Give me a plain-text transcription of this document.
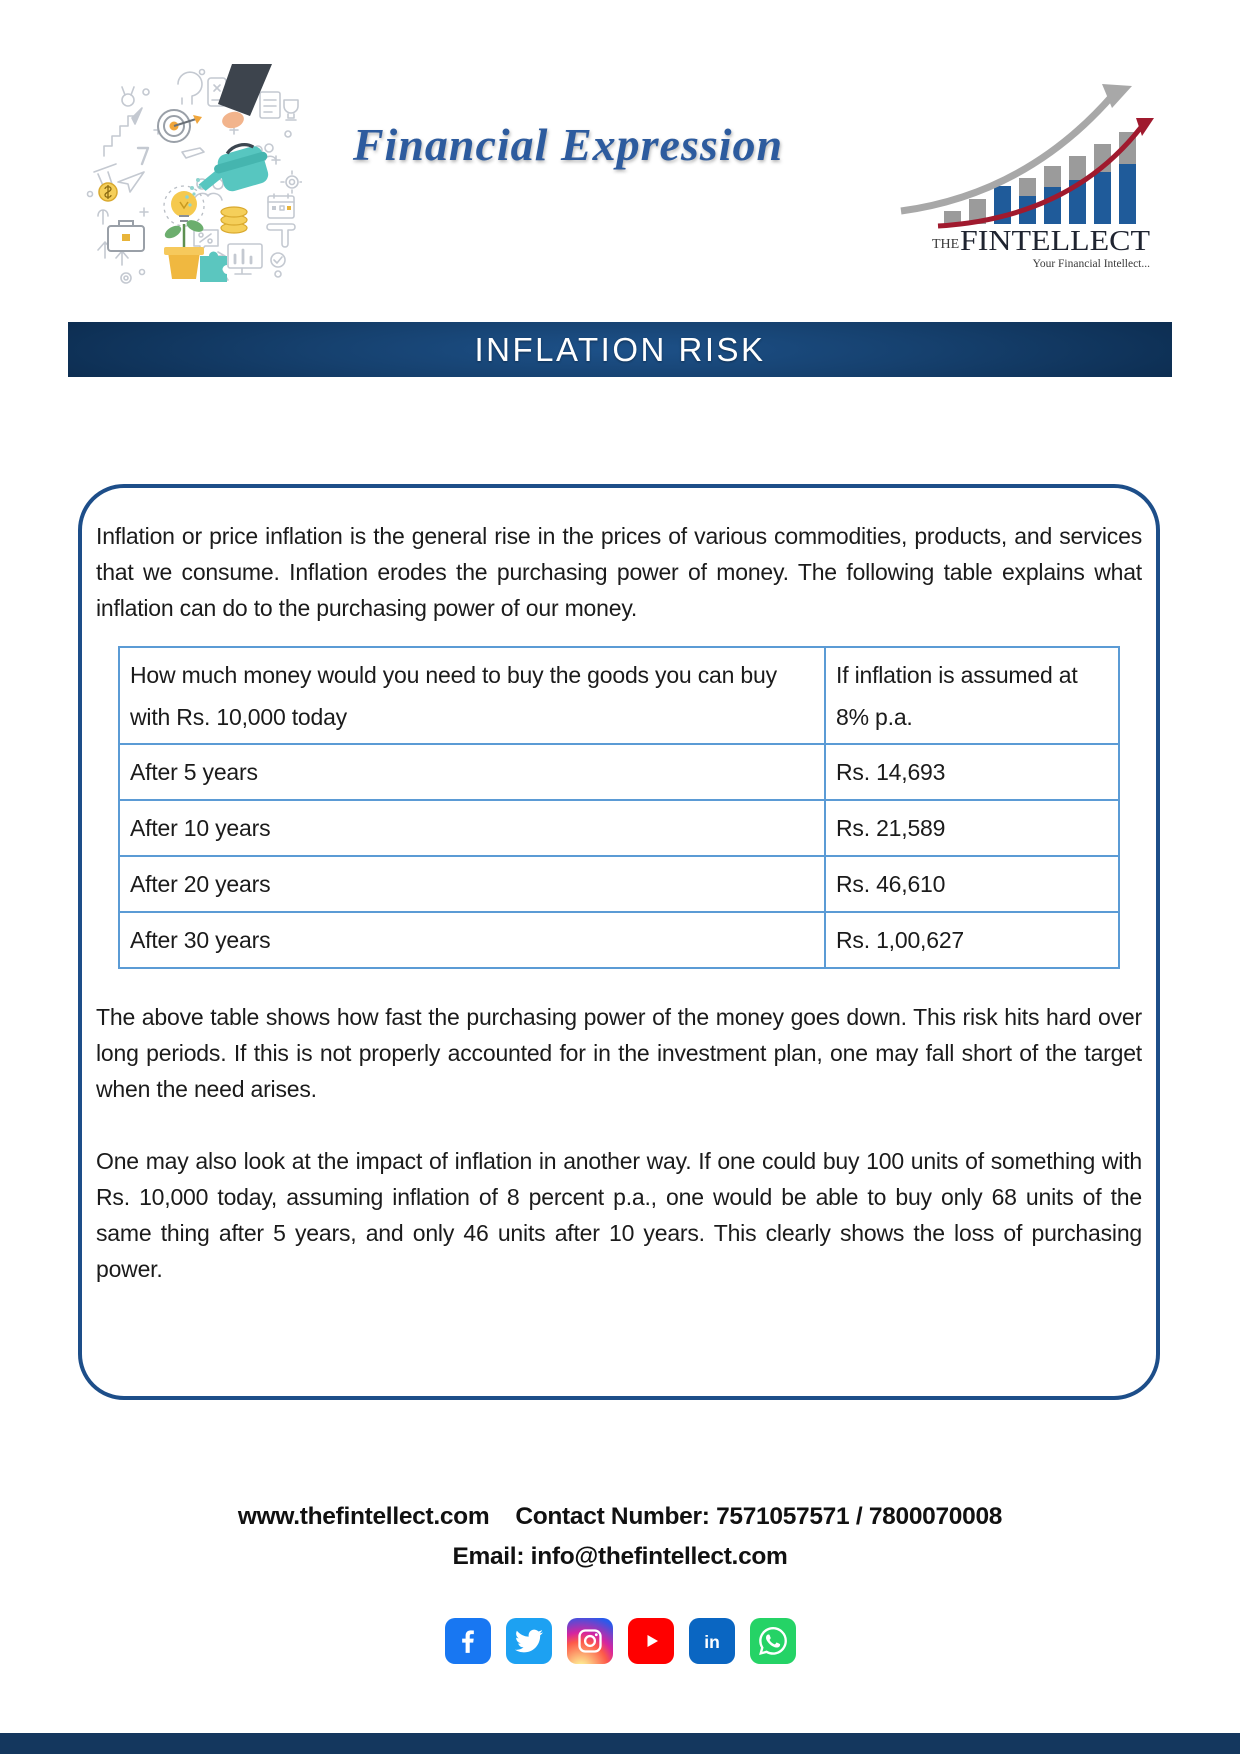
Financial Expression
THE FINTELLECT
Your Financial Intellect...
INFLATION RISK

Inflation or price inflation is the general rise in the prices of various commodities, products, and services that we consume. Inflation erodes the purchasing power of money. The following table explains what inflation can do to the purchasing power of our money.

How much money would you need to buy the goods you can buy with Rs. 10,000 today	If inflation is assumed at 8% p.a.
After 5 years	Rs. 14,693
After 10 years	Rs. 21,589
After 20 years	Rs. 46,610
After 30 years	Rs. 1,00,627

The above table shows how fast the purchasing power of the money goes down. This risk hits hard over long periods. If this is not properly accounted for in the investment plan, one may fall short of the target when the need arises.

One may also look at the impact of inflation in another way. If one could buy 100 units of something with Rs. 10,000 today, assuming inflation of 8 percent p.a., one would be able to buy only 68 units of the same thing after 5 years, and only 46 units after 10 years. This clearly shows the loss of purchasing power.

www.thefintellect.com Contact Number: 7571057571 / 7800070008
Email: info@thefintellect.com
in
